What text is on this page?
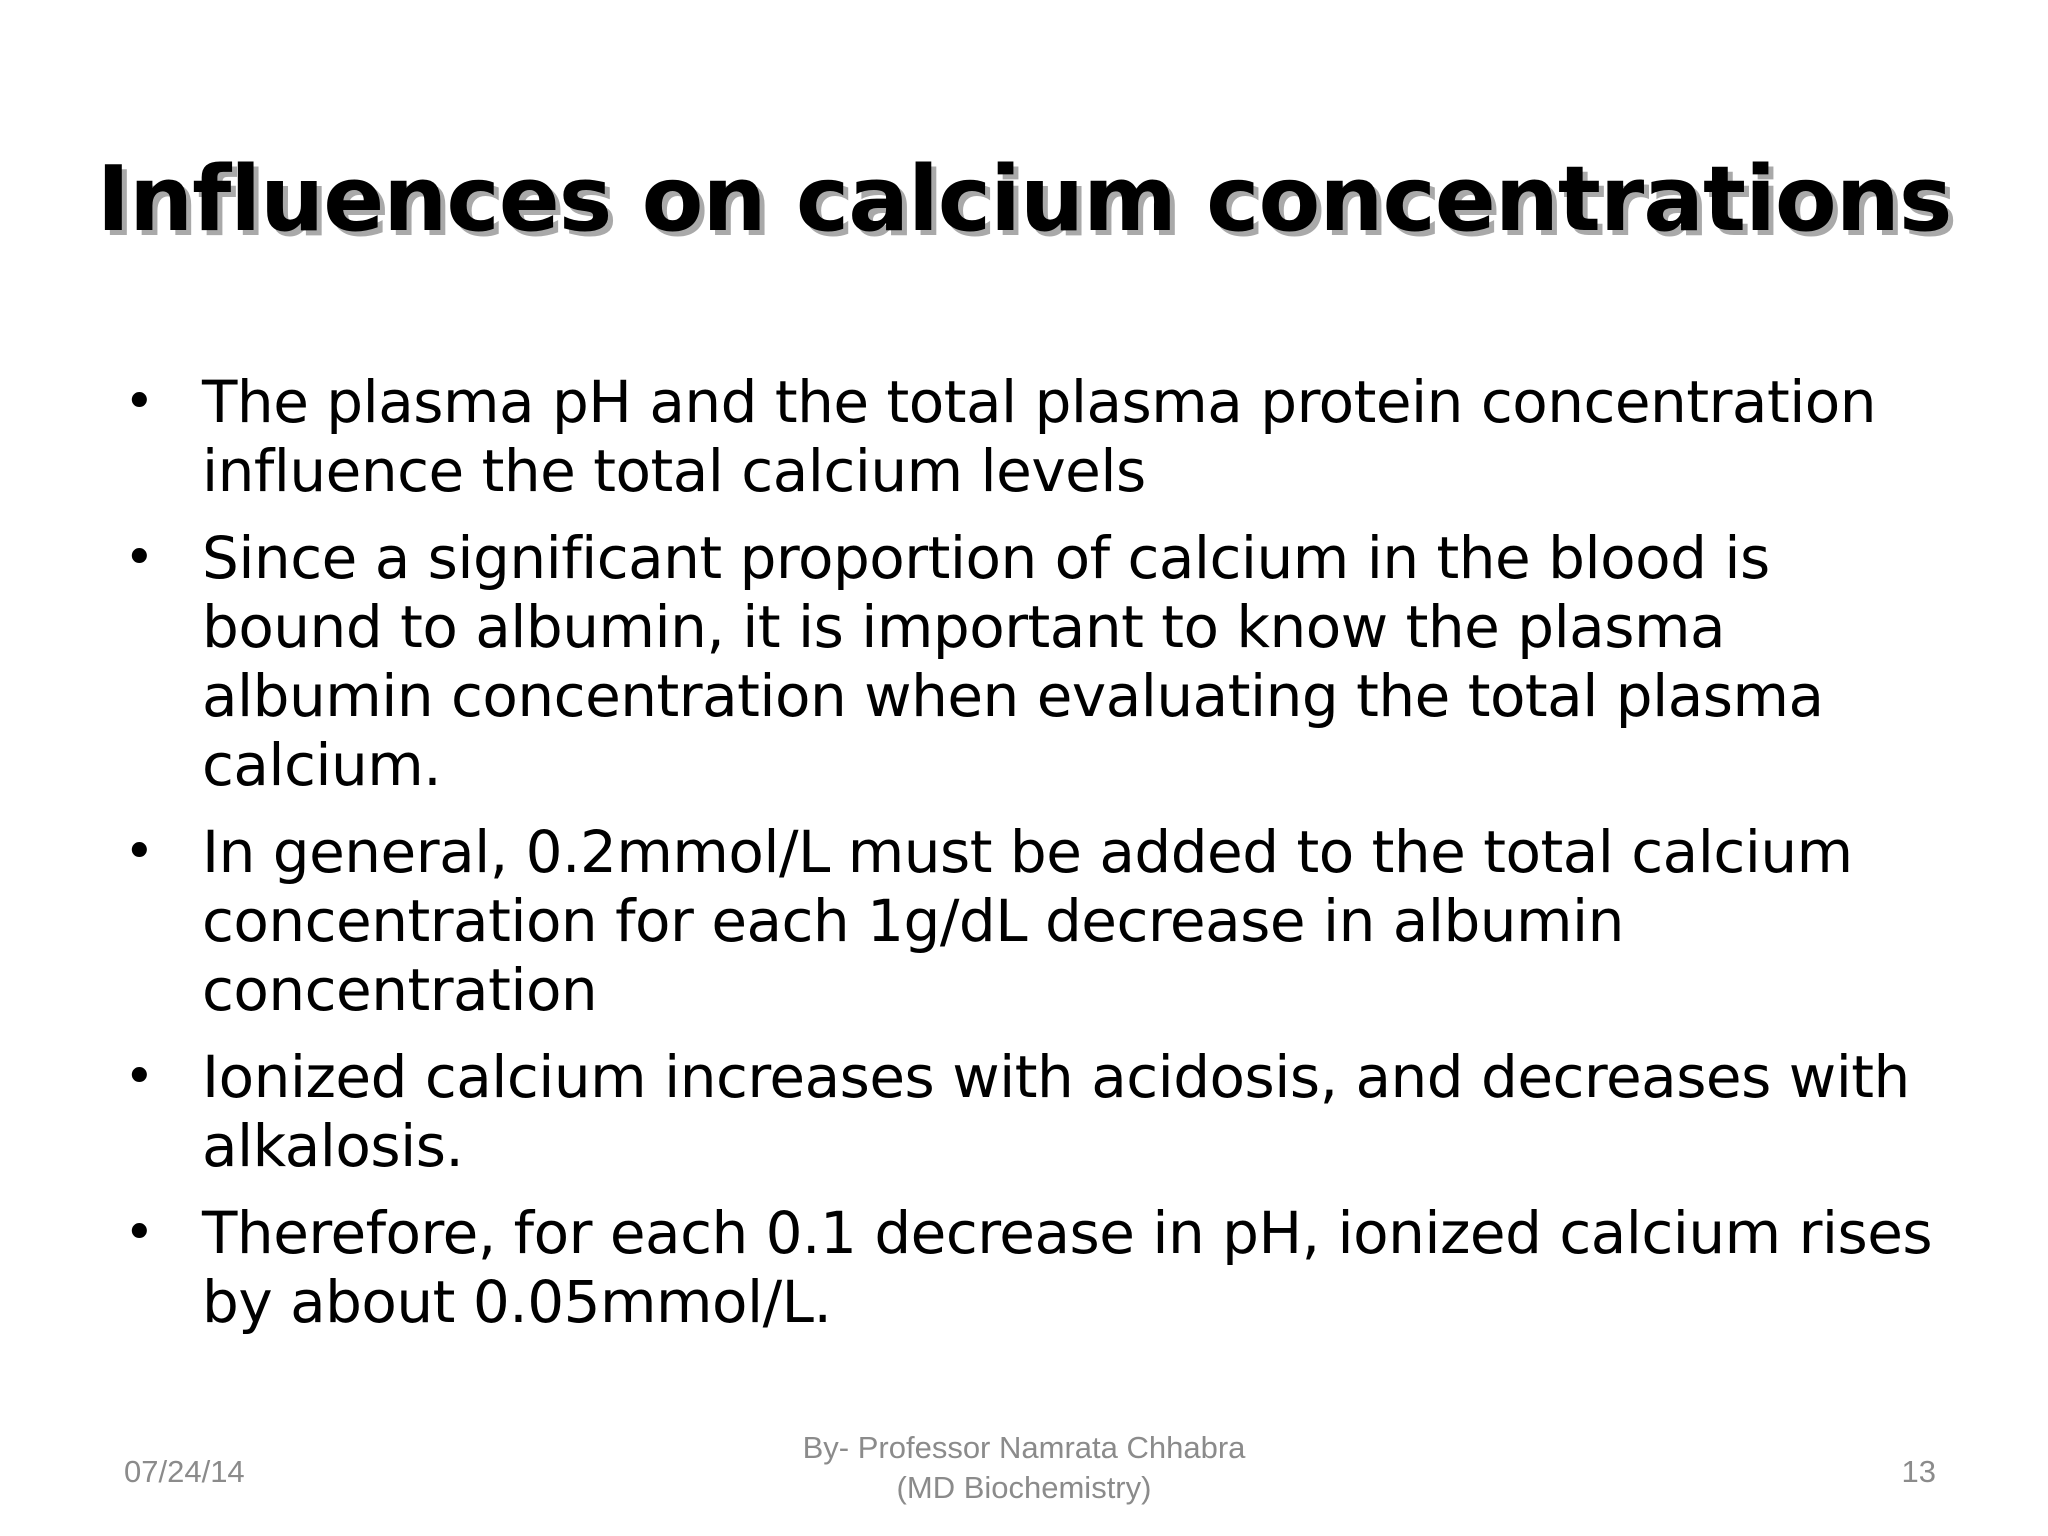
Influences on calcium concentrations
• The plasma pH and the total plasma protein concentration influence the total calcium levels
• Since a significant proportion of calcium in the blood is bound to albumin, it is important to know the plasma albumin concentration when evaluating the total plasma calcium.
• In general, 0.2mmol/L must be added to the total calcium concentration for each 1g/dL decrease in albumin concentration
• Ionized calcium increases with acidosis, and decreases with alkalosis.
• Therefore, for each 0.1 decrease in pH, ionized calcium rises by about 0.05mmol/L.
07/24/14
By- Professor Namrata Chhabra
(MD Biochemistry)	13
